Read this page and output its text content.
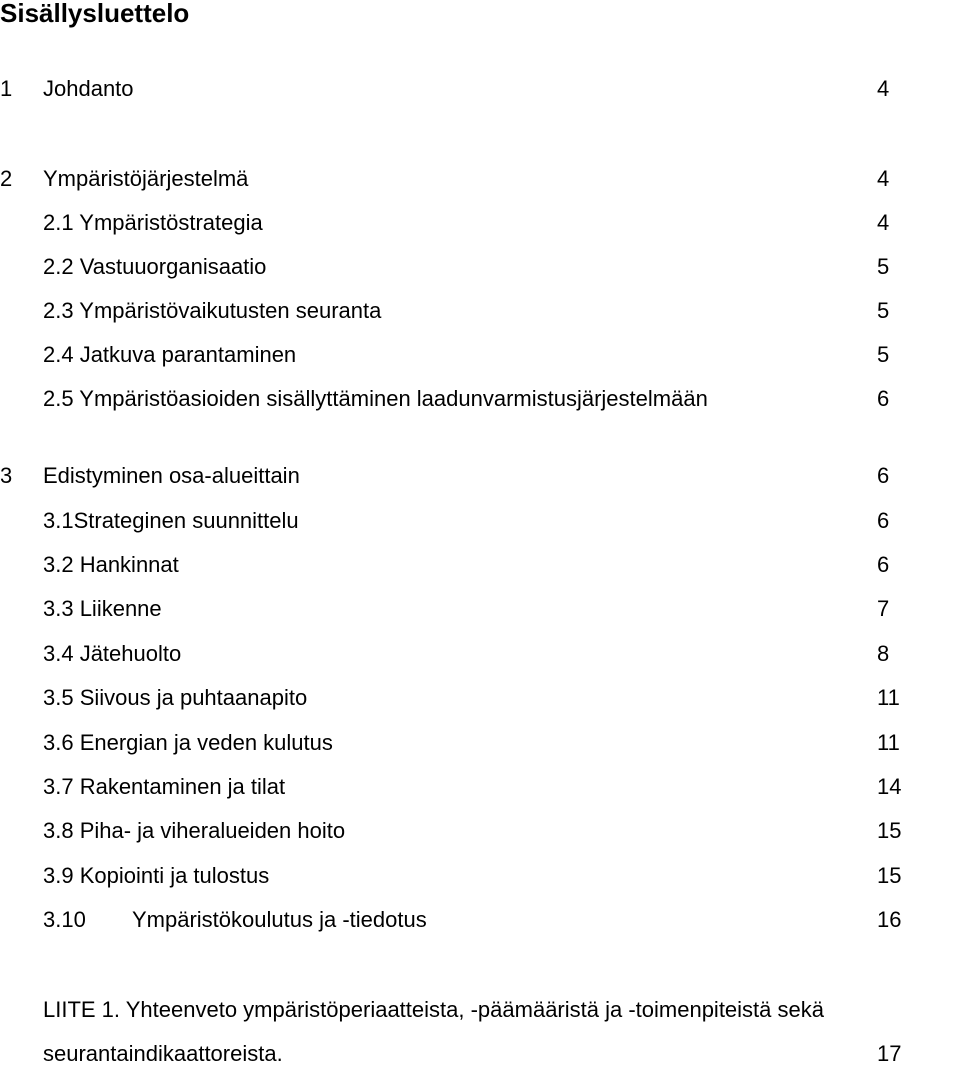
Sisällysluettelo
1 Johdanto	4
2 Ympäristöjärjestelmä	4
2.1 Ympäristöstrategia	4
2.2 Vastuuorganisaatio	5
2.3 Ympäristövaikutusten seuranta	5
2.4 Jatkuva parantaminen	5
2.5 Ympäristöasioiden sisällyttäminen laadunvarmistusjärjestelmään	6
3 Edistyminen osa-alueittain	6
3.1Strateginen suunnittelu	6
3.2 Hankinnat	6
3.3 Liikenne	7
3.4 Jätehuolto	8
3.5 Siivous ja puhtaanapito	11
3.6 Energian ja veden kulutus	11
3.7 Rakentaminen ja tilat	14
3.8 Piha- ja viheralueiden hoito	15
3.9 Kopiointi ja tulostus	15
3.10 Ympäristökoulutus ja -tiedotus	16
LIITE 1. Yhteenveto ympäristöperiaatteista, -päämääristä ja -toimenpiteistä sekä
seurantaindikaattoreista.	17
